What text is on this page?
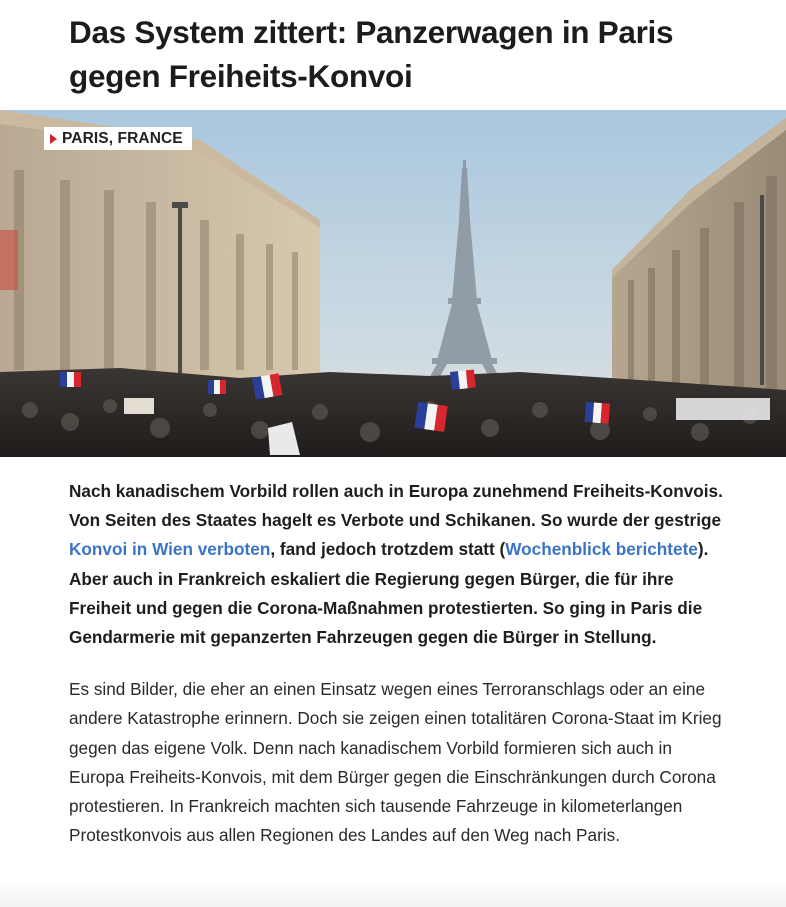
Das System zittert: Panzerwagen in Paris gegen Freiheits-Konvoi
PARIS, FRANCE

Nach kanadischem Vorbild rollen auch in Europa zunehmend Freiheits-Konvois. Von Seiten des Staates hagelt es Verbote und Schikanen. So wurde der gestrige Konvoi in Wien verboten, fand jedoch trotzdem statt (Wochenblick berichtete). Aber auch in Frankreich eskaliert die Regierung gegen Bürger, die für ihre Freiheit und gegen die Corona-Maßnahmen protestierten. So ging in Paris die Gendarmerie mit gepanzerten Fahrzeugen gegen die Bürger in Stellung.

Es sind Bilder, die eher an einen Einsatz wegen eines Terroranschlags oder an eine andere Katastrophe erinnern. Doch sie zeigen einen totalitären Corona-Staat im Krieg gegen das eigene Volk. Denn nach kanadischem Vorbild formieren sich auch in Europa Freiheits-Konvois, mit dem Bürger gegen die Einschränkungen durch Corona protestieren. In Frankreich machten sich tausende Fahrzeuge in kilometerlangen Protestkonvois aus allen Regionen des Landes auf den Weg nach Paris.
